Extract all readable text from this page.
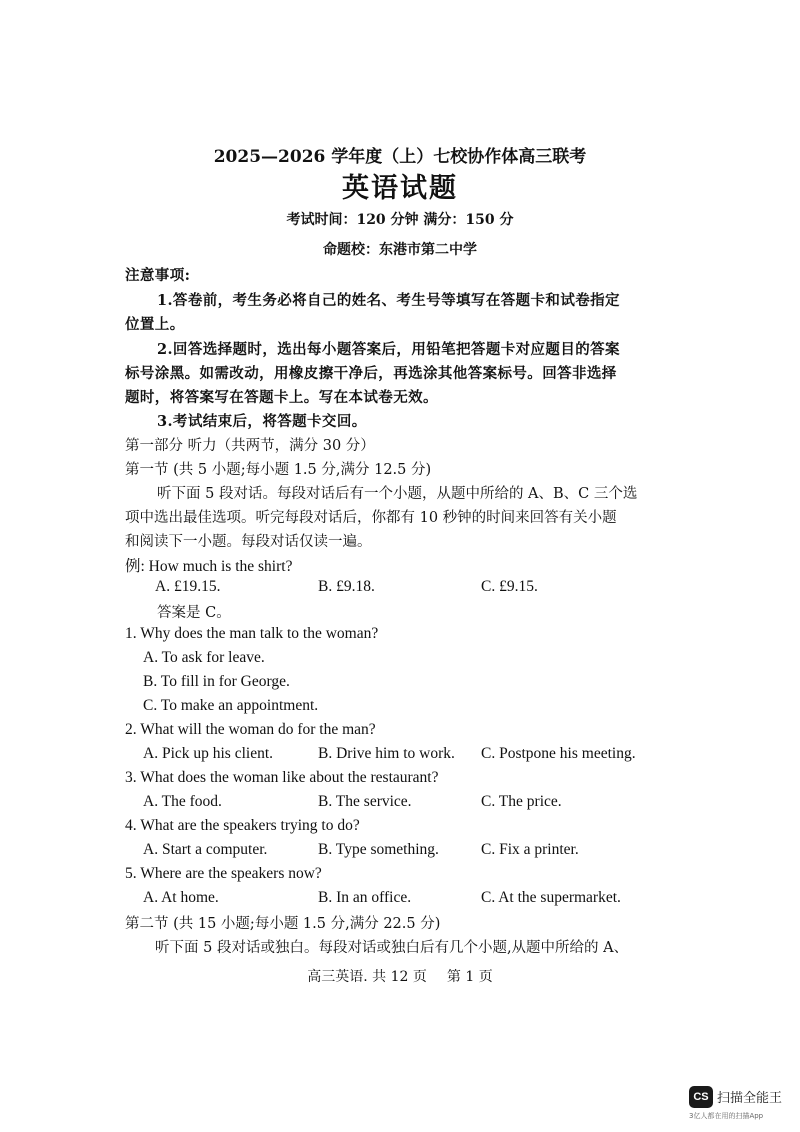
2025—2026 学年度（上）七校协作体高三联考
英语试题
考试时间：120 分钟 满分：150 分
命题校：东港市第二中学
注意事项:
1.答卷前，考生务必将自己的姓名、考生号等填写在答题卡和试卷指定
位置上。
2.回答选择题时，选出每小题答案后，用铅笔把答题卡对应题目的答案
标号涂黑。如需改动，用橡皮擦干净后，再选涂其他答案标号。回答非选择
题时，将答案写在答题卡上。写在本试卷无效。
3.考试结束后，将答题卡交回。
第一部分 听力（共两节，满分 30 分）
第一节 (共 5 小题;每小题 1.5 分,满分 12.5 分)
听下面 5 段对话。每段对话后有一个小题，从题中所给的 A、B、C 三个选
项中选出最佳选项。听完每段对话后，你都有 10 秒钟的时间来回答有关小题
和阅读下一小题。每段对话仅读一遍。
例: How much is the shirt?
A. £19.15.	B. £9.18.	C. £9.15.
答案是 C。
1. Why does the man talk to the woman?
A. To ask for leave.
B. To fill in for George.
C. To make an appointment.
2. What will the woman do for the man?
A. Pick up his client.	B. Drive him to work. C. Postpone his meeting.
3. What does the woman like about the restaurant?
A. The food.	B. The service.	C. The price.
4. What are the speakers trying to do?
A. Start a computer.	B. Type something.	C. Fix a printer.
5. Where are the speakers now?
A. At home.	B. In an office.	C. At the supermarket.
第二节 (共 15 小题;每小题 1.5 分,满分 22.5 分)
听下面 5 段对话或独白。每段对话或独白后有几个小题,从题中所给的 A、
高三英语. 共 12 页 第 1 页
CS 扫描全能王
3亿人都在用的扫描App
